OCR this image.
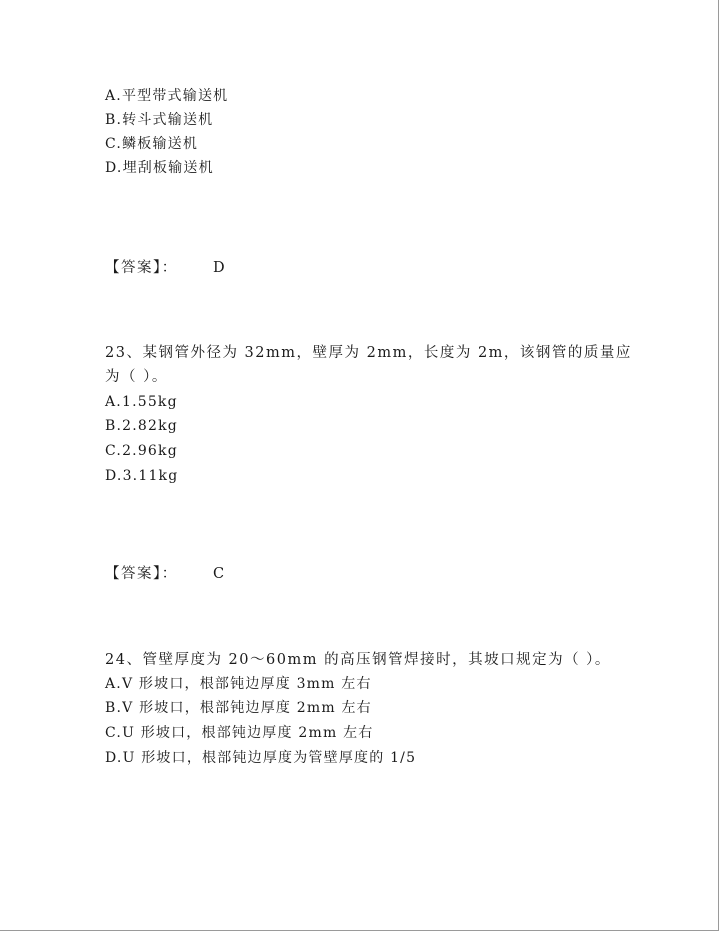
A.平型带式输送机
B.转斗式输送机
C.鳞板输送机
D.埋刮板输送机
【答案】： D
23、某钢管外径为 32mm，壁厚为 2mm，长度为 2m，该钢管的质量应
为（ ）。
A.1.55kg
B.2.82kg
C.2.96kg
D.3.11kg
【答案】： C
24、管壁厚度为 20～60mm 的高压钢管焊接时，其坡口规定为（ ）。
A.V 形坡口，根部钝边厚度 3mm 左右
B.V 形坡口，根部钝边厚度 2mm 左右
C.U 形坡口，根部钝边厚度 2mm 左右
D.U 形坡口，根部钝边厚度为管壁厚度的 1/5
